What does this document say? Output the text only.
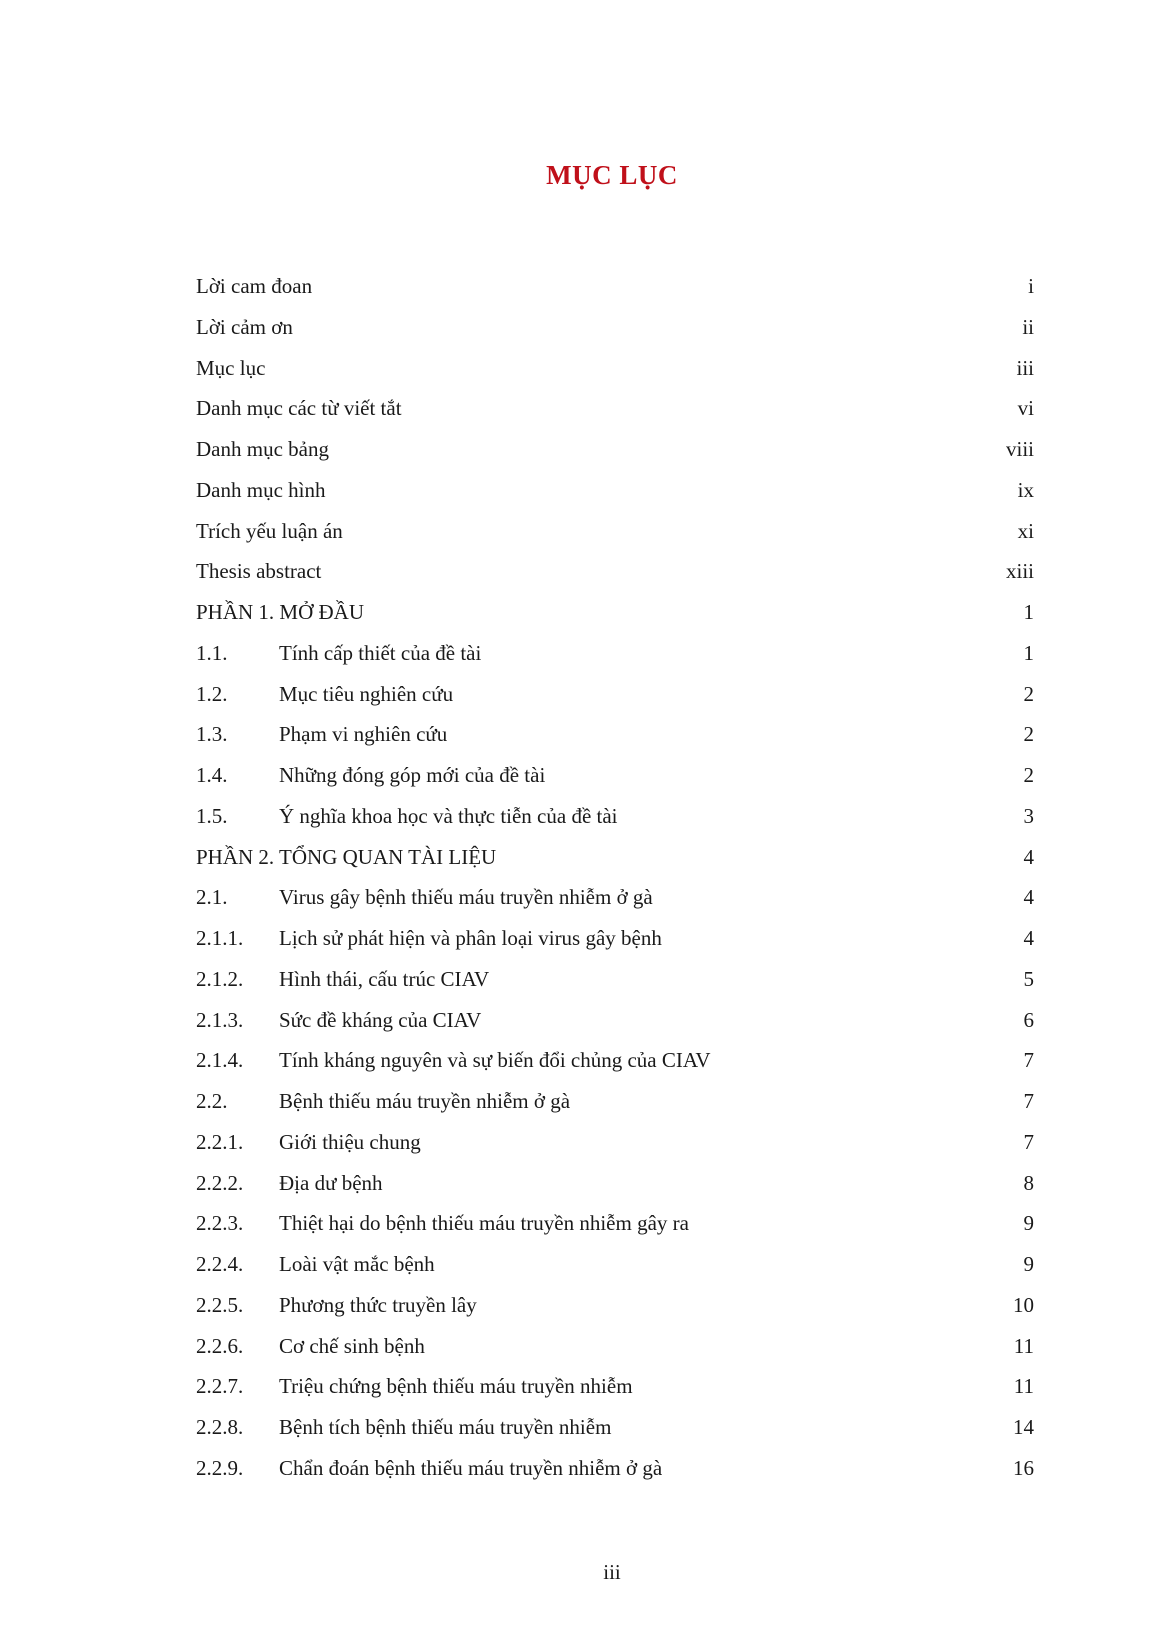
MỤC LỤC
Lời cam đoan	i
Lời cảm ơn	ii
Mục lục	iii
Danh mục các từ viết tắt	vi
Danh mục bảng	viii
Danh mục hình	ix
Trích yếu luận án	xi
Thesis abstract	xiii
PHẦN 1. MỞ ĐẦU	1
1.1. Tính cấp thiết của đề tài	1
1.2. Mục tiêu nghiên cứu	2
1.3. Phạm vi nghiên cứu	2
1.4. Những đóng góp mới của đề tài	2
1.5. Ý nghĩa khoa học và thực tiễn của đề tài	3
PHẦN 2. TỔNG QUAN TÀI LIỆU	4
2.1. Virus gây bệnh thiếu máu truyền nhiễm ở gà	4
2.1.1. Lịch sử phát hiện và phân loại virus gây bệnh	4
2.1.2. Hình thái, cấu trúc CIAV	5
2.1.3. Sức đề kháng của CIAV	6
2.1.4. Tính kháng nguyên và sự biến đổi chủng của CIAV	7
2.2. Bệnh thiếu máu truyền nhiễm ở gà	7
2.2.1. Giới thiệu chung	7
2.2.2. Địa dư bệnh	8
2.2.3. Thiệt hại do bệnh thiếu máu truyền nhiễm gây ra	9
2.2.4. Loài vật mắc bệnh	9
2.2.5. Phương thức truyền lây	10
2.2.6. Cơ chế sinh bệnh	11
2.2.7. Triệu chứng bệnh thiếu máu truyền nhiễm	11
2.2.8. Bệnh tích bệnh thiếu máu truyền nhiễm	14
2.2.9. Chẩn đoán bệnh thiếu máu truyền nhiễm ở gà	16
iii
